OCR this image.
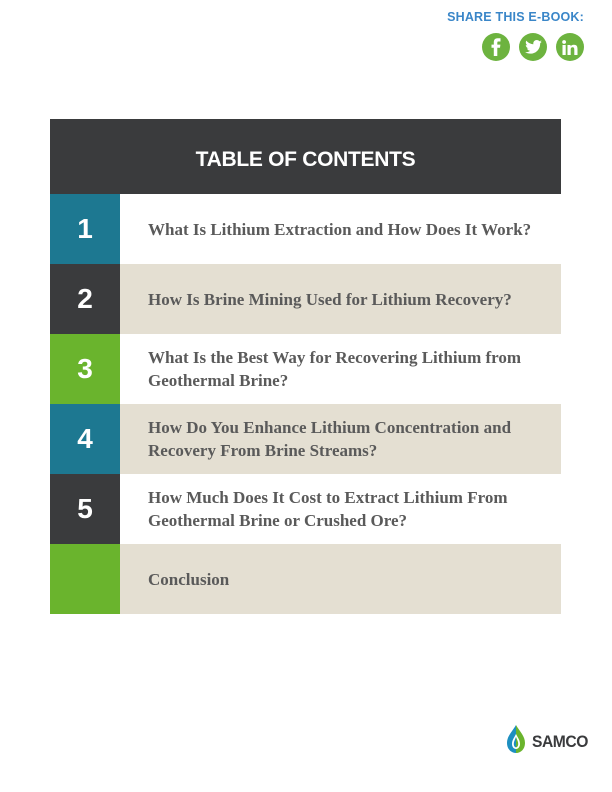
SHARE THIS E-BOOK:
TABLE OF CONTENTS
1	What Is Lithium Extraction and How Does It Work?
2	How Is Brine Mining Used for Lithium Recovery?
3	What Is the Best Way for Recovering Lithium from Geothermal Brine?
4	How Do You Enhance Lithium Concentration and Recovery From Brine Streams?
5	How Much Does It Cost to Extract Lithium From Geothermal Brine or Crushed Ore?
Conclusion
SAMCO
